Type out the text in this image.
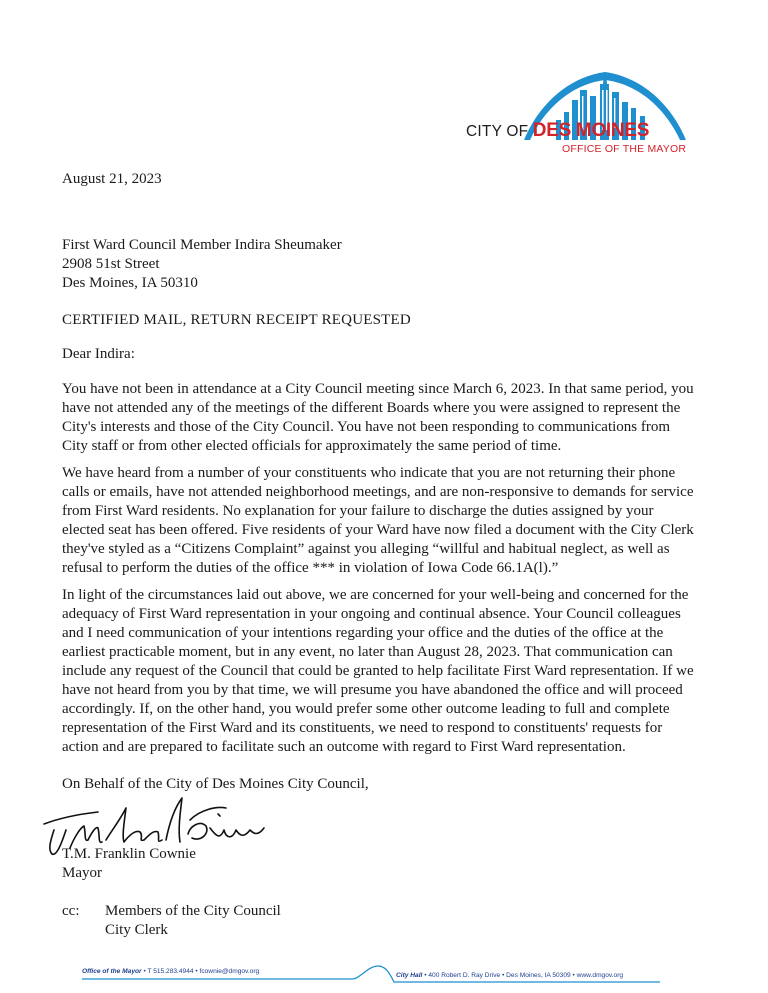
CITY OF DES MOINES
OFFICE OF THE MAYOR
August 21, 2023
First Ward Council Member Indira Sheumaker
2908 51st Street
Des Moines, IA 50310
CERTIFIED MAIL, RETURN RECEIPT REQUESTED
Dear Indira:
You have not been in attendance at a City Council meeting since March 6, 2023. In that same period, you have not attended any of the meetings of the different Boards where you were assigned to represent the City's interests and those of the City Council. You have not been responding to communications from City staff or from other elected officials for approximately the same period of time.
We have heard from a number of your constituents who indicate that you are not returning their phone calls or emails, have not attended neighborhood meetings, and are non-responsive to demands for service from First Ward residents. No explanation for your failure to discharge the duties assigned by your elected seat has been offered. Five residents of your Ward have now filed a document with the City Clerk they've styled as a “Citizens Complaint” against you alleging “willful and habitual neglect, as well as refusal to perform the duties of the office *** in violation of Iowa Code 66.1A(l).”
In light of the circumstances laid out above, we are concerned for your well-being and concerned for the adequacy of First Ward representation in your ongoing and continual absence. Your Council colleagues and I need communication of your intentions regarding your office and the duties of the office at the earliest practicable moment, but in any event, no later than August 28, 2023. That communication can include any request of the Council that could be granted to help facilitate First Ward representation. If we have not heard from you by that time, we will presume you have abandoned the office and will proceed accordingly. If, on the other hand, you would prefer some other outcome leading to full and complete representation of the First Ward and its constituents, we need to respond to constituents' requests for action and are prepared to facilitate such an outcome with regard to First Ward representation.
On Behalf of the City of Des Moines City Council,
T.M. Franklin Cownie
Mayor
cc: Members of the City Council
City Clerk
Office of the Mayor • T 515.283.4944 • fcownie@dmgov.org
City Hall • 400 Robert D. Ray Drive • Des Moines, IA 50309 • www.dmgov.org
